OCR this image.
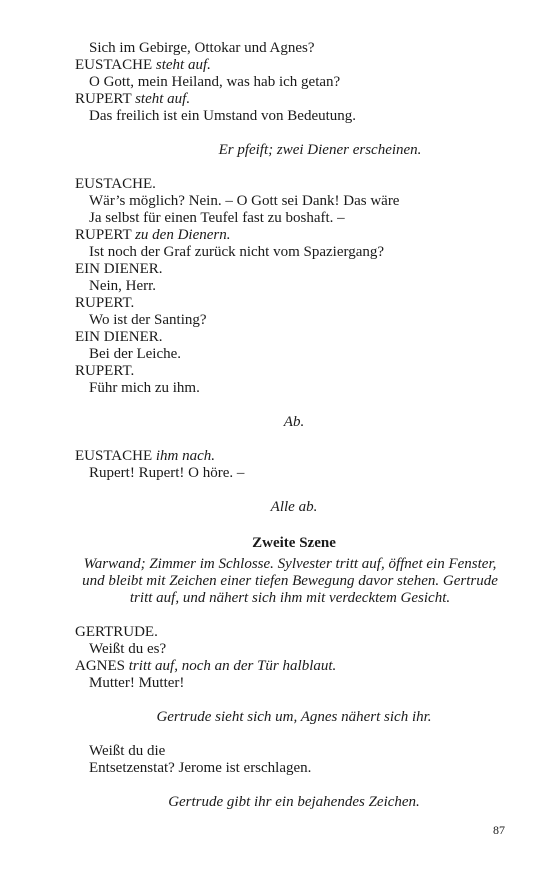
Sich im Gebirge, Ottokar und Agnes?
EUSTACHE steht auf.
O Gott, mein Heiland, was hab ich getan?
RUPERT steht auf.
Das freilich ist ein Umstand von Bedeutung.
Er pfeift; zwei Diener erscheinen.
EUSTACHE.
Wär’s möglich? Nein. – O Gott sei Dank! Das wäre
Ja selbst für einen Teufel fast zu boshaft. –
RUPERT zu den Dienern.
Ist noch der Graf zurück nicht vom Spaziergang?
EIN DIENER.
Nein, Herr.
RUPERT.
Wo ist der Santing?
EIN DIENER.
Bei der Leiche.
RUPERT.
Führ mich zu ihm.
Ab.
EUSTACHE ihm nach.
Rupert! Rupert! O höre. –
Alle ab.
Zweite Szene
Warwand; Zimmer im Schlosse. Sylvester tritt auf, öffnet ein Fenster, und bleibt mit Zeichen einer tiefen Bewegung davor stehen. Gertrude tritt auf, und nähert sich ihm mit verdecktem Gesicht.
GERTRUDE.
Weißt du es?
AGNES tritt auf, noch an der Tür halblaut.
Mutter! Mutter!
Gertrude sieht sich um, Agnes nähert sich ihr.
Weißt du die
Entsetzenstat? Jerome ist erschlagen.
Gertrude gibt ihr ein bejahendes Zeichen.
87
